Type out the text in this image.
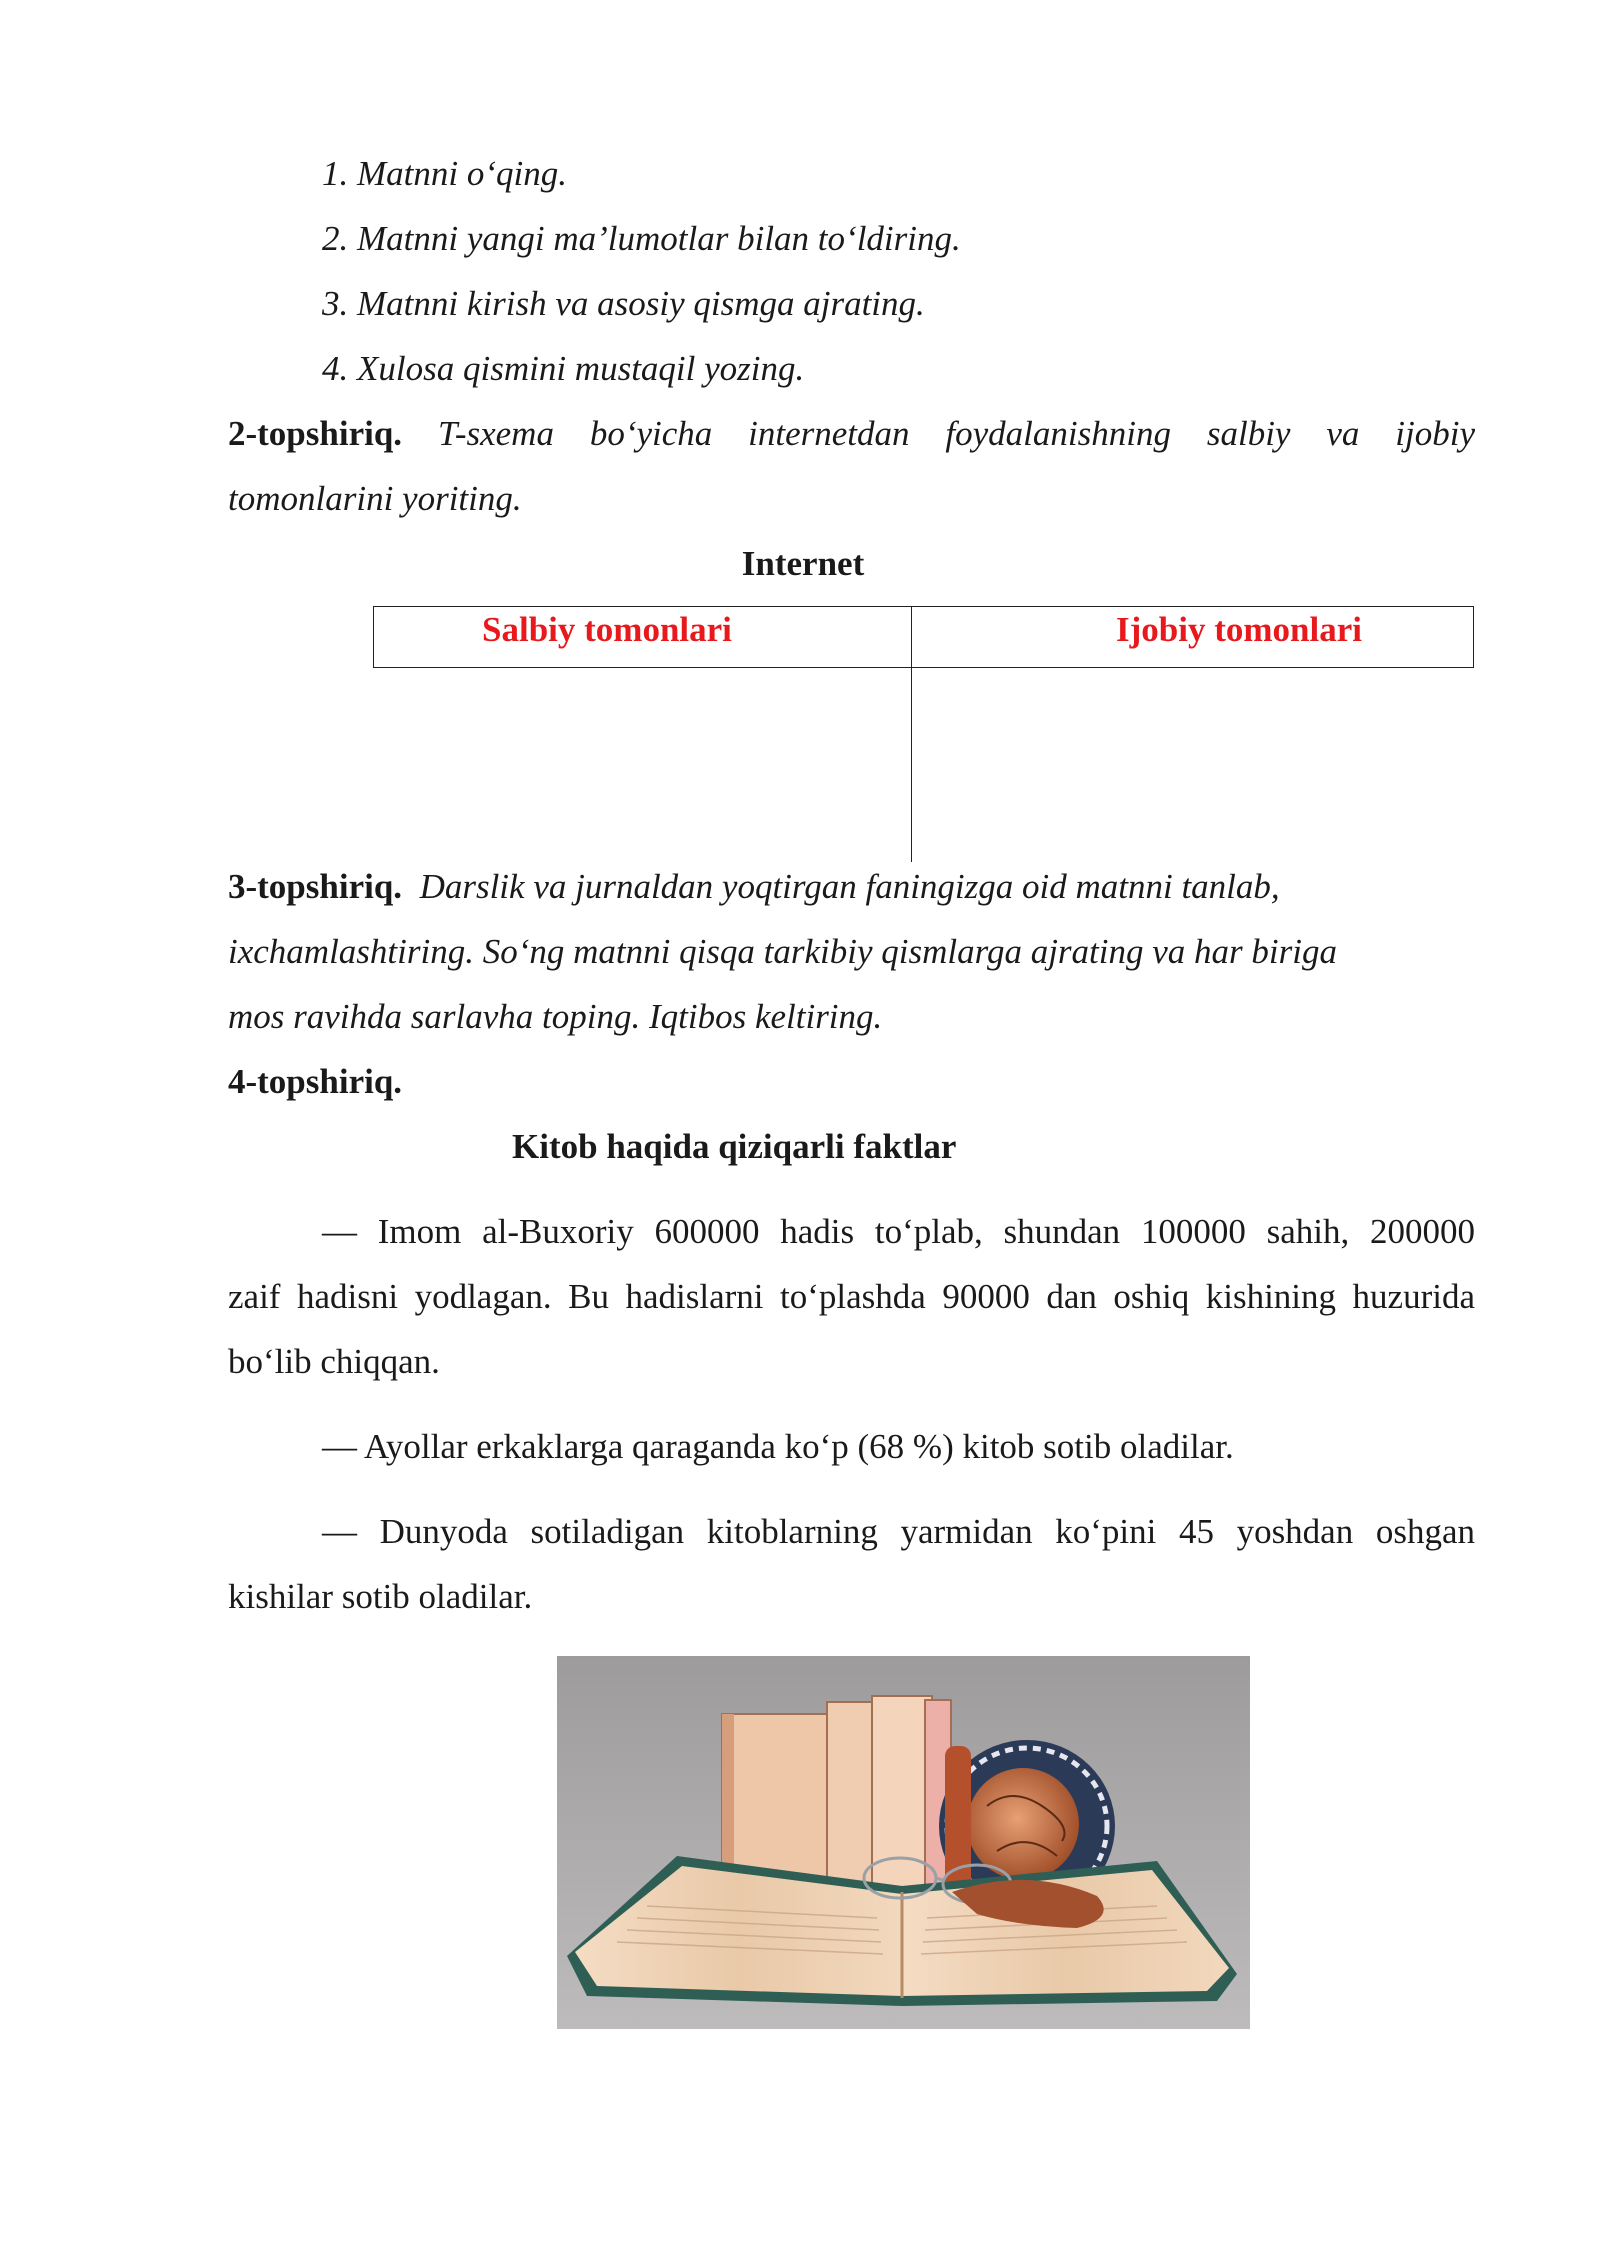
1. Matnni o‘qing.
2. Matnni yangi ma’lumotlar bilan to‘ldiring.
3. Matnni kirish va asosiy qismga ajrating.
4. Xulosa qismini mustaqil yozing.
2-topshiriq. T-sxema bo‘yicha internetdan foydalanishning salbiy va ijobiy
tomonlarini yoriting.
Internet
Salbiy tomonlari	Ijobiy tomonlari
3-topshiriq. Darslik va jurnaldan yoqtirgan faningizga oid matnni tanlab,
ixchamlashtiring. So‘ng matnni qisqa tarkibiy qismlarga ajrating va har biriga
mos ravihda sarlavha toping. Iqtibos keltiring.
4-topshiriq.
Kitob haqida qiziqarli faktlar
— Imom al-Buxoriy 600000 hadis to‘plab, shundan 100000 sahih, 200000
zaif hadisni yodlagan. Bu hadislarni to‘plashda 90000 dan oshiq kishining huzurida
bo‘lib chiqqan.
— Ayollar erkaklarga qaraganda ko‘p (68 %) kitob sotib oladilar.
— Dunyoda sotiladigan kitoblarning yarmidan ko‘pini 45 yoshdan oshgan
kishilar sotib oladilar.
